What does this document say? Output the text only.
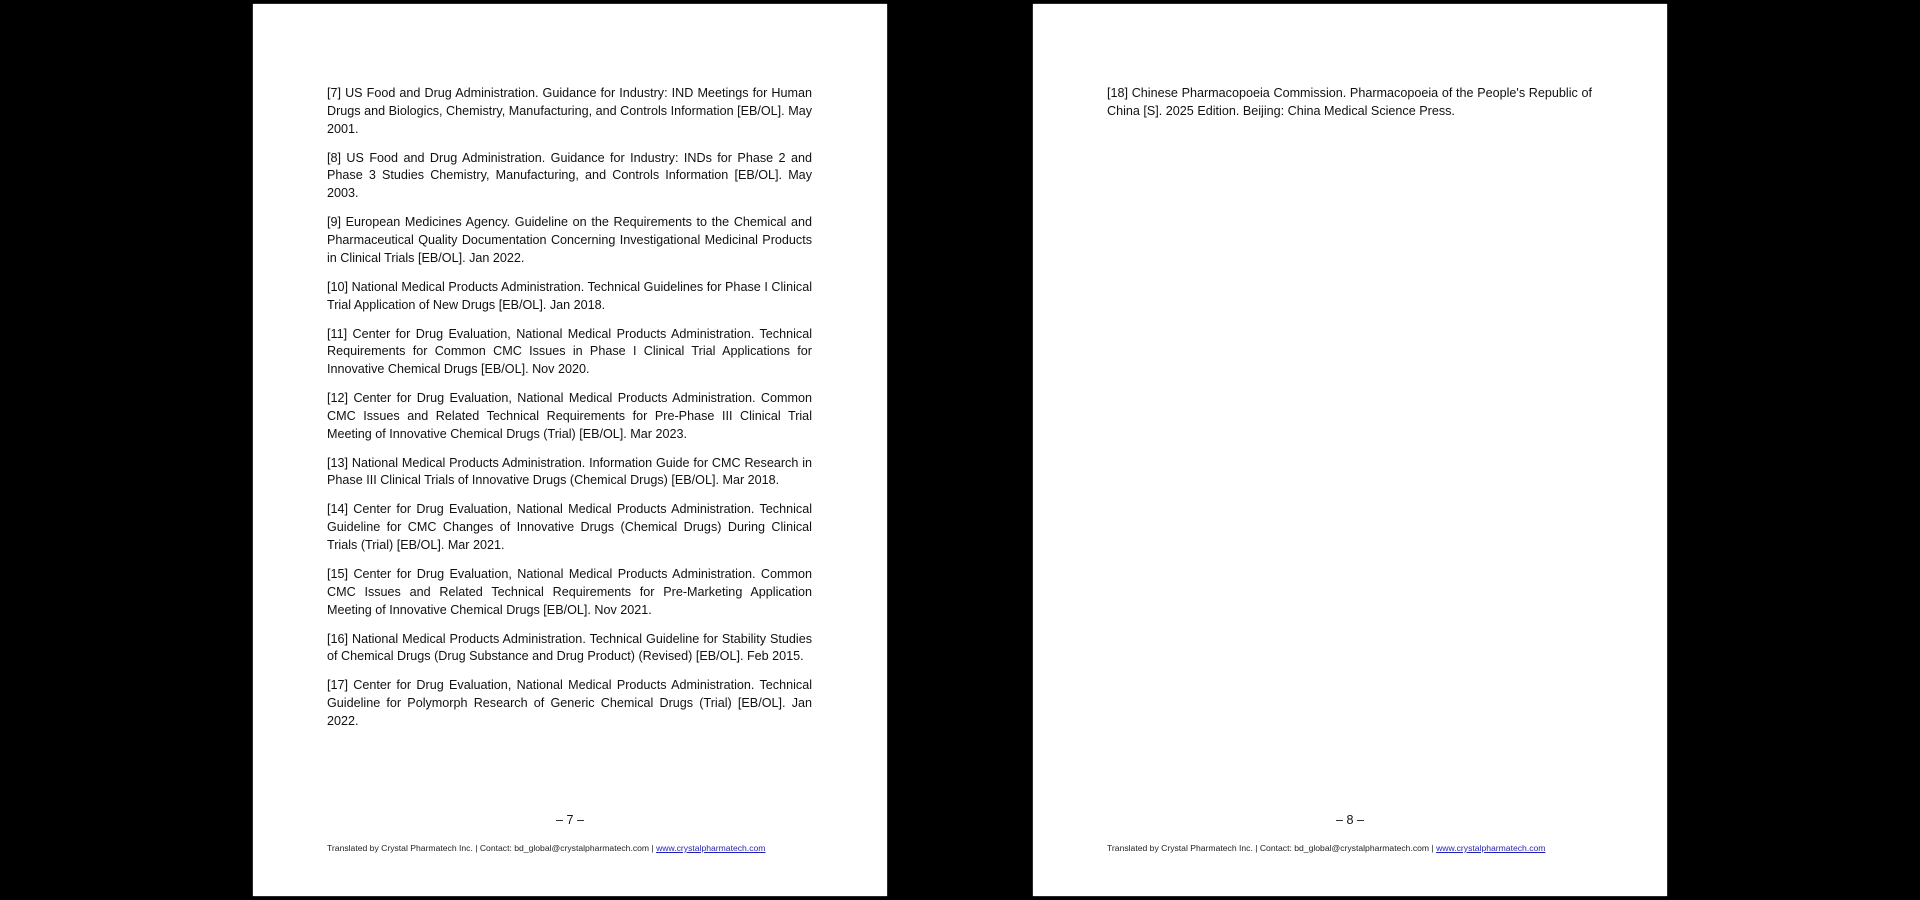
[7] US Food and Drug Administration. Guidance for Industry: IND Meetings for Human Drugs and Biologics, Chemistry, Manufacturing, and Controls Information [EB/OL]. May 2001.

[8] US Food and Drug Administration. Guidance for Industry: INDs for Phase 2 and Phase 3 Studies Chemistry, Manufacturing, and Controls Information [EB/OL]. May 2003.

[9] European Medicines Agency. Guideline on the Requirements to the Chemical and Pharmaceutical Quality Documentation Concerning Investigational Medicinal Products in Clinical Trials [EB/OL]. Jan 2022.

[10] National Medical Products Administration. Technical Guidelines for Phase I Clinical Trial Application of New Drugs [EB/OL]. Jan 2018.

[11] Center for Drug Evaluation, National Medical Products Administration. Technical Requirements for Common CMC Issues in Phase I Clinical Trial Applications for Innovative Chemical Drugs [EB/OL]. Nov 2020.

[12] Center for Drug Evaluation, National Medical Products Administration. Common CMC Issues and Related Technical Requirements for Pre-Phase III Clinical Trial Meeting of Innovative Chemical Drugs (Trial) [EB/OL]. Mar 2023.

[13] National Medical Products Administration. Information Guide for CMC Research in Phase III Clinical Trials of Innovative Drugs (Chemical Drugs) [EB/OL]. Mar 2018.

[14] Center for Drug Evaluation, National Medical Products Administration. Technical Guideline for CMC Changes of Innovative Drugs (Chemical Drugs) During Clinical Trials (Trial) [EB/OL]. Mar 2021.

[15] Center for Drug Evaluation, National Medical Products Administration. Common CMC Issues and Related Technical Requirements for Pre-Marketing Application Meeting of Innovative Chemical Drugs [EB/OL]. Nov 2021.

[16] National Medical Products Administration. Technical Guideline for Stability Studies of Chemical Drugs (Drug Substance and Drug Product) (Revised) [EB/OL]. Feb 2015.

[17] Center for Drug Evaluation, National Medical Products Administration. Technical Guideline for Polymorph Research of Generic Chemical Drugs (Trial) [EB/OL]. Jan 2022.

– 7 –
Translated by Crystal Pharmatech Inc. | Contact: bd_global@crystalpharmatech.com | www.crystalpharmatech.com

[18] Chinese Pharmacopoeia Commission. Pharmacopoeia of the People's Republic of China [S]. 2025 Edition. Beijing: China Medical Science Press.

– 8 –
Translated by Crystal Pharmatech Inc. | Contact: bd_global@crystalpharmatech.com | www.crystalpharmatech.com
